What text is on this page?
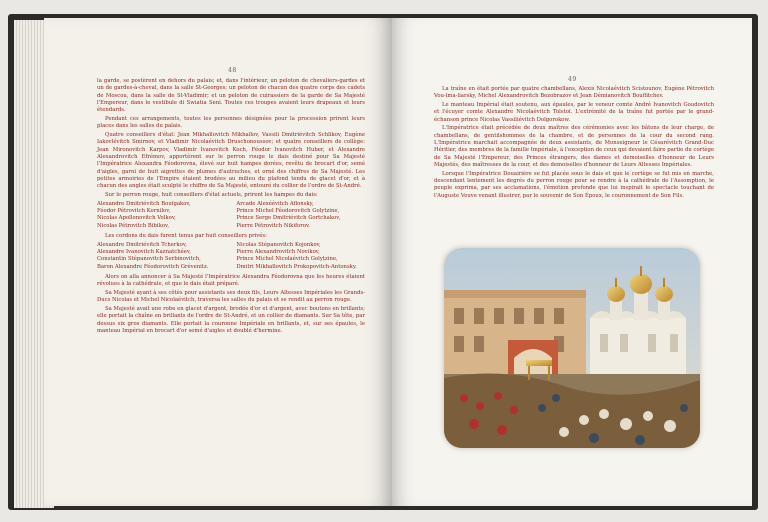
48

la garde, se postèrent en dehors du palais; et, dans l'intérieur, un peloton de chevaliers-gardes et un de gardes-à-cheval, dans la salle St-Georges; un peloton de chacun des quatre corps des cadets de Moscou, dans la salle de St-Vladimir; et un peloton de cuirassiers de la garde de Sa Majesté l'Empereur, dans le vestibule di Swiatia Seni. Toutes ces troupes avaient leurs drapeaux et leurs étendards.

Pendant ces arrangements, toutes les personnes désignées pour la procession prirent leurs places dans les salles du palais.

Quatre conseillers d'état: Jean Mikhaïlovitch Mikhaïlov, Vassili Dmitriévitch Schlikov, Eugène Iakovlévitch Smirnov, et Vladimir Nicolaévitch Druschonoussov; et quatre conseillers de collège: Jean Mironovitch Karpov, Vladimir Ivanovitch Koch, Féodor Ivanovitch Huber, et Alexandre Alexandrovitch Efrémov, apportèrent sur le perron rouge le dais destiné pour Sa Majesté l'Impératrice Alexandra Féodorovna, élevé sur huit hampes dorées, revêtu de brocart d'or, semé d'aigles, garni de huit aigrettes de plumes d'autruches, et orné des chiffres de Sa Majesté. Les petites armoiries de l'Empire étaient brodées au milieu du plafond tendu de glacet d'or, et à chacun des angles était sculpté le chiffre de Sa Majesté, entouré du collier de l'ordre de St-André.

Sur le perron rouge, huit conseillers d'état actuels, prirent les hampes du dais:

Alexandre Dmitriévitch Bouïgakov,
Féodor Pétrovitch Kornilov,
Nicolas Apollonovitch Volkov,
Nicolas Pétrovitch Bibikov,
Arcade Alexéévitch Aflonsky,
Prince Michel Féodorovitch Golytzine,
Prince Serge Dmitriévitch Gortchakov,
Pierre Pétrovitch Nikiforov.

Les cordons du dais furent tenus par huit conseillers privés:

Alexandre Dmitriévitch Tcherkov,
Alexandre Ivanovitch Kaznatchéev,
Constantin Stépanovitch Serbinovitch,
Baron Alexandre Féodorovitch Grévenitz.
Nicolas Stépanovitch Kojonkov,
Pierre Alexandrovitch Novikov,
Prince Michel Nicolaévitch Golytzine,
Dmitri Mikhaïlovitch Prokopovitch-Antonsky.

Alors on alla annoncer à Sa Majesté l'Impératrice Alexandra Féodorovna que les heures étaient révolues à la cathédrale, et que le dais était préparé.

Sa Majesté ayant à ses côtés pour assistants ses deux fils, Leurs Altesses Impériales les Grands-Ducs Nicolas et Michel Nicolaévitch, traversa les salles du palais et se rendit au perron rouge.

Sa Majesté avait une robe en glacet d'argent, brodée d'or et d'argent, avec boutons en brillants; elle portait la chaîne en brillants de l'ordre de St-André, et un collier de diamants. Sur Sa tête, par dessus six gros diamants. Elle portait la couronne Impériale en brillants, et, sur ses épaules, le manteau Impérial en brocart d'or semé d'aigles et doublé d'hermine.

49

La traîne en était portée par quatre chambellans, Alexis Nicolaévitch Scistounov, Eugène Pétrovitch Vou-lma-liarsky, Michel Alexandrovitch Bezobrazov et Jean Démianovitch Bouflitchev.

Le manteau Impérial était soutenu, aux épaules, par le veneur comte André Ivanovitch Goudovitch et l'écuyer comte Alexandre Nicolaévitch Tolstoï. L'extrémité de la traîne fut portée par le grand-échanson prince Nicolas Vassiliévitch Dolgorokow.

L'Impératrice était précédée de deux maîtres des cérémonies avec les bâtons de leur charge, de chambellans, de gentilshommes de la chambre, et de personnes de la cour du second rang. L'Impératrice marchait accompagnée de deux assistants, de Monseigneur le Césarévitch Grand-Duc Héritier, des membres de la famille Impériale, à l'exception de ceux qui devaient faire partie du cortège de Sa Majesté l'Empereur, des Princes étrangers, des dames et demoiselles d'honneur de Leurs Majestés, des maîtresses de la cour, et des demoiselles d'honneur de Leurs Altesses Impériales.

Lorsque l'Impératrice Douairière se fut placée sous le dais et que le cortège se fut mis en marche, descendant lentement les degrés du perron rouge pour se rendre à la cathédrale de l'Assomption, le peuple exprima, par ses acclamations, l'émotion profonde que lui inspirait le spectacle touchant de l'Auguste Veuve venant illustrer, par le souvenir de Son Époux, le couronnement de Son Fils.
